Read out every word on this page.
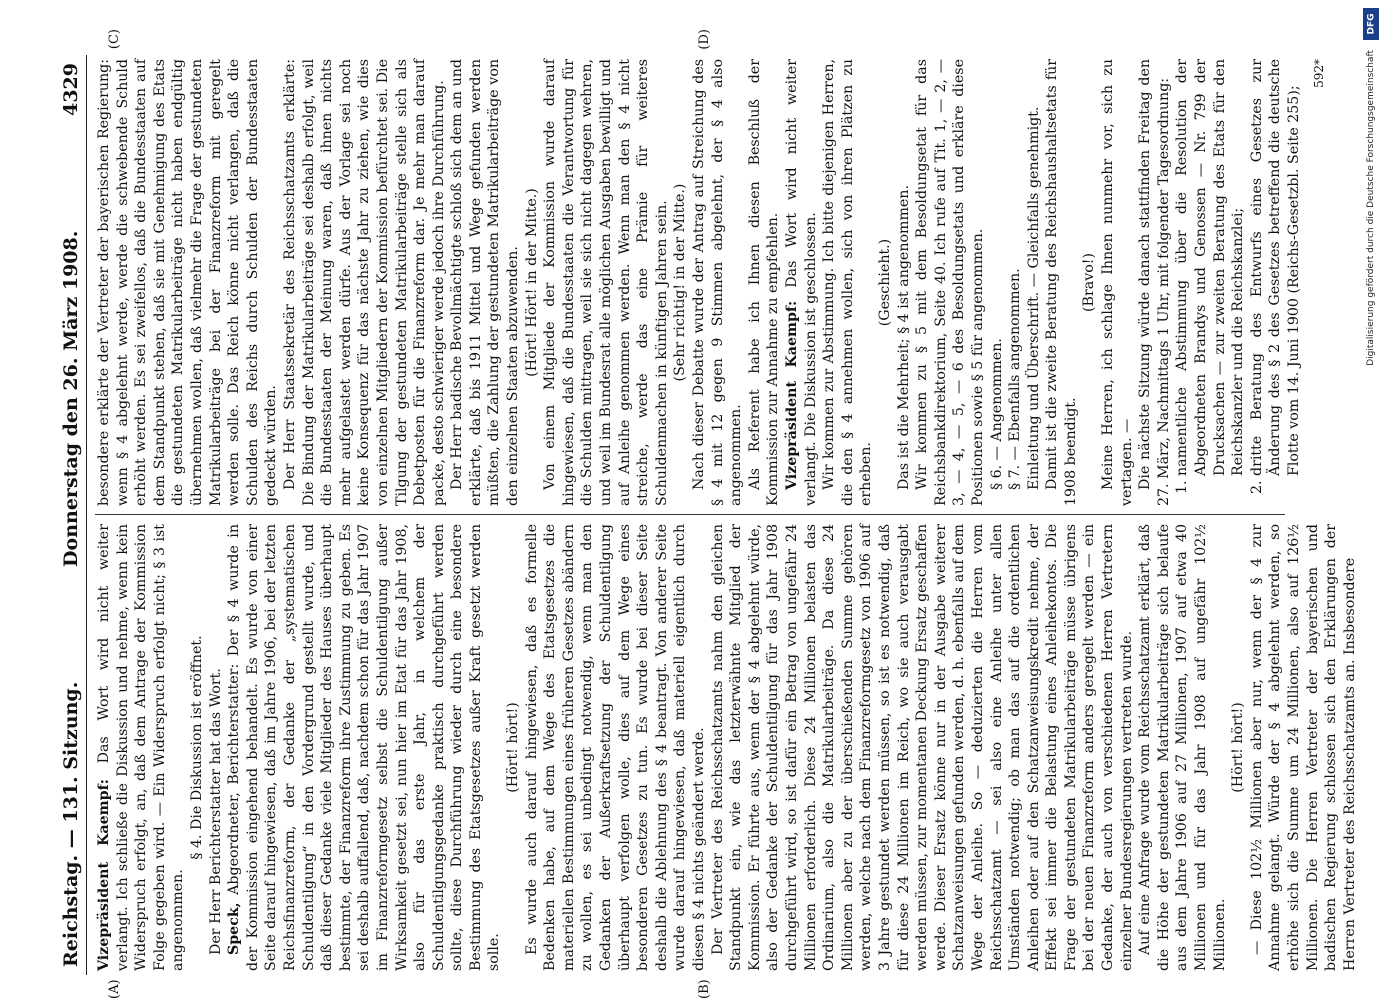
Reichstag. — 131. Sitzung.
Donnerstag den 26. März 1908.
4329

Vizepräsident Kaempf: Das Wort wird nicht weiter verlangt. Ich schließe die Diskussion und nehme, wenn kein Widerspruch erfolgt, an, daß dem Antrage der Kommission Folge gegeben wird. — Ein Widerspruch erfolgt nicht; § 3 ist angenommen.

§ 4. Die Diskussion ist eröffnet. Der Herr Berichterstatter hat das Wort. Speck, Abgeordneter, Berichterstatter: Der § 4 wurde in der Kommission eingehend behandelt. Es wurde von einer Seite darauf hingewiesen, daß im Jahre 1906, bei der letzten Reichsfinanzreform, der Gedanke der „systematischen Schuldentilgung“ in den Vordergrund gestellt wurde, und daß dieser Gedanke viele Mitglieder des Hauses überhaupt bestimmte, der Finanzreform ihre Zustimmung zu geben. Es sei deshalb auffallend, daß, nachdem schon für das Jahr 1907 im Finanzreformgesetz selbst die Schuldentilgung außer Wirksamkeit gesetzt sei, nun hier im Etat für das Jahr 1908, also für das erste Jahr, in welchem der Schuldentilgungsgedanke praktisch durchgeführt werden sollte, diese Durchführung wieder durch eine besondere Bestimmung des Etatsgesetzes außer Kraft gesetzt werden solle.

(Hört! hört!) Es wurde auch darauf hingewiesen, daß es formelle Bedenken habe, auf dem Wege des Etatsgesetzes die materiellen Bestimmungen eines früheren Gesetzes abändern zu wollen, es sei unbedingt notwendig, wenn man den Gedanken der Außerkraftsetzung der Schuldentilgung überhaupt verfolgen wolle, dies auf dem Wege eines besonderen Gesetzes zu tun. Es wurde bei dieser Seite deshalb die Ablehnung des § 4 beantragt. Von anderer Seite wurde darauf hingewiesen, daß materiell eigentlich durch diesen § 4 nichts geändert werde. Der Vertreter des Reichsschatzamts nahm den gleichen Standpunkt ein, wie das letzterwähnte Mitglied der Kommission. Er führte aus, wenn der § 4 abgelehnt würde, also der Gedanke der Schuldentilgung für das Jahr 1908 durchgeführt wird, so ist dafür ein Betrag von ungefähr 24 Millionen erforderlich. Diese 24 Millionen belasten das Ordinarium, also die Matrikularbeiträge. Da diese 24 Millionen aber zu der überschießenden Summe gehören werden, welche nach dem Finanzreformgesetz von 1906 auf 3 Jahre gestundet werden müssen, so ist es notwendig, daß für diese 24 Millionen im Reich, wo sie auch verausgabt werden müssen, zur momentanen Deckung Ersatz geschaffen werde. Dieser Ersatz könne nur in der Ausgabe weiterer Schatzanweisungen gefunden werden, d. h. ebenfalls auf dem Wege der Anleihe. So — deduzierten die Herren vom Reichsschatzamt — sei also eine Anleihe unter allen Umständen notwendig; ob man das auf die ordentlichen Anleihen oder auf den Schatzanweisungskredit nehme, der Effekt sei immer die Belastung eines Anleihekontos. Die Frage der gestundeten Matrikularbeiträge müsse übrigens bei der neuen Finanzreform anders geregelt werden — ein Gedanke, der auch von verschiedenen Herren Vertretern einzelner Bundesregierungen vertreten wurde. Auf eine Anfrage wurde vom Reichsschatzamt erklärt, daß die Höhe der gestundeten Matrikularbeiträge sich belaufe aus dem Jahre 1906 auf 27 Millionen, 1907 auf etwa 40 Millionen und für das Jahr 1908 auf ungefähr 102½ Millionen.

(Hört! hört!) — Diese 102½ Millionen aber nur, wenn der § 4 zur Annahme gelangt. Würde der § 4 abgelehnt werden, so erhöhe sich die Summe um 24 Millionen, also auf 126½ Millionen. Die Herren Vertreter der bayerischen und badischen Regierung schlossen sich den Erklärungen der Herren Vertreter des Reichsschatzamts an. Insbesondere

besondere erklärte der Vertreter der bayerischen Regierung: wenn § 4 abgelehnt werde, werde die schwebende Schuld erhöht werden. Es sei zweifellos, daß die Bundesstaaten auf dem Standpunkt stehen, daß sie mit Genehmigung des Etats die gestundeten Matrikularbeiträge nicht haben endgültig übernehmen wollen, daß vielmehr die Frage der gestundeten Matrikularbeiträge bei der Finanzreform mit geregelt werden solle. Das Reich könne nicht verlangen, daß die Schulden des Reichs durch Schulden der Bundesstaaten gedeckt würden. Der Herr Staatssekretär des Reichsschatzamts erklärte: Die Bindung der Matrikularbeiträge sei deshalb erfolgt, weil die Bundesstaaten der Meinung waren, daß ihnen nichts mehr aufgelastet werden dürfe. Aus der Vorlage sei noch keine Konsequenz für das nächste Jahr zu ziehen, wie dies von einzelnen Mitgliedern der Kommission befürchtet sei. Die Tilgung der gestundeten Matrikularbeiträge stelle sich als Debetposten für die Finanzreform dar. Je mehr man darauf packe, desto schwieriger werde jedoch ihre Durchführung. Der Herr badische Bevollmächtigte schloß sich dem an und erklärte, daß bis 1911 Mittel und Wege gefunden werden müßten, die Zahlung der gestundeten Matrikularbeiträge von den einzelnen Staaten abzuwenden. (Hört! Hört! in der Mitte.) Von einem Mitgliede der Kommission wurde darauf hingewiesen, daß die Bundesstaaten die Verantwortung für die Schulden mittragen, weil sie sich nicht dagegen wehren, und weil im Bundesrat alle möglichen Ausgaben bewilligt und auf Anleihe genommen werden. Wenn man den § 4 nicht streiche, werde das eine Prämie für weiteres Schuldenmachen in künftigen Jahren sein. (Sehr richtig! in der Mitte.) Nach dieser Debatte wurde der Antrag auf Streichung des § 4 mit 12 gegen 9 Stimmen abgelehnt, der § 4 also angenommen. Als Referent habe ich Ihnen diesen Beschluß der Kommission zur Annahme zu empfehlen. Vizepräsident Kaempf: Das Wort wird nicht weiter verlangt. Die Diskussion ist geschlossen. Wir kommen zur Abstimmung. Ich bitte diejenigen Herren, die den § 4 annehmen wollen, sich von ihren Plätzen zu erheben.

(Geschieht.) Das ist die Mehrheit; § 4 ist angenommen. Wir kommen zu § 5 mit dem Besoldungsetat für das Reichsbankdirektorium, Seite 40. Ich rufe auf Tit. 1, — 2, — 3, — 4, — 5, — 6 des Besoldungsetats und erkläre diese Positionen sowie § 5 für angenommen. § 6. — Angenommen. § 7. — Ebenfalls angenommen. Einleitung und Überschrift. — Gleichfalls genehmigt. Damit ist die zweite Beratung des Reichshaushaltsetats für 1908 beendigt.

(Bravo!) Meine Herren, ich schlage Ihnen nunmehr vor, sich zu vertagen. — Die nächste Sitzung würde danach stattfinden Freitag den 27. März, Nachmittags 1 Uhr, mit folgender Tagesordnung: 1. namentliche Abstimmung über die Resolution der Abgeordneten Brandys und Genossen — Nr. 799 der Drucksachen — zur zweiten Beratung des Etats für den Reichskanzler und die Reichskanzlei; 2. dritte Beratung des Entwurfs eines Gesetzes zur Änderung des § 2 des Gesetzes betreffend die deutsche Flotte vom 14. Juni 1900 (Reichs-Gesetzbl. Seite 255);
592*
(A)	(B)
(C)	(D)
DFG
Digitalisierung gefördert durch die Deutsche Forschungsgemeinschaft
